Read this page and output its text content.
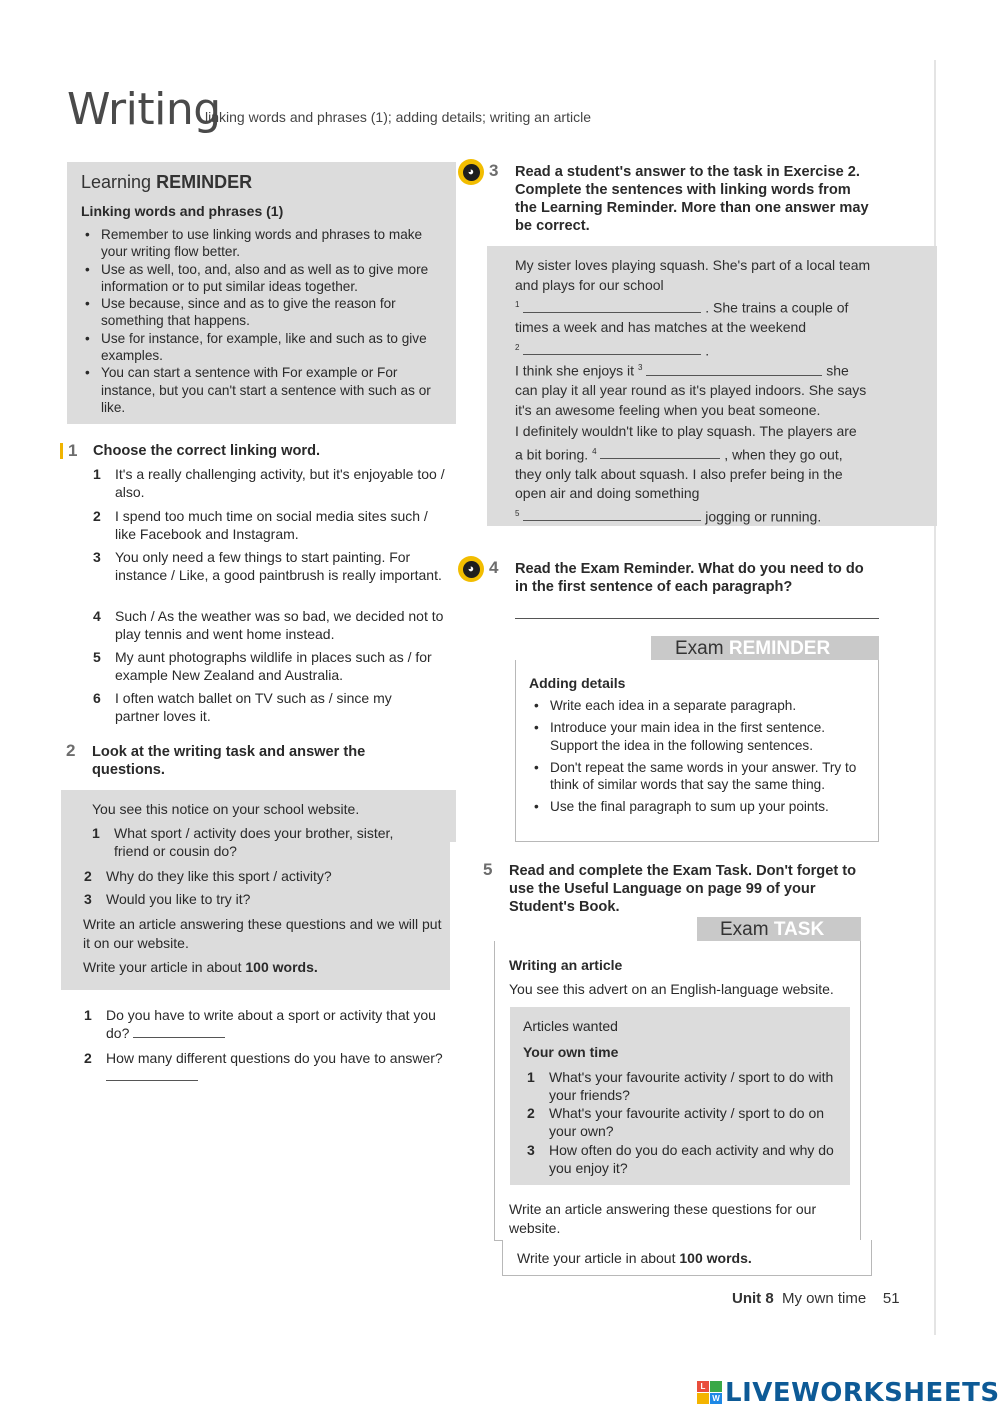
Writing
linking words and phrases (1); adding details; writing an article
Learning REMINDER
Linking words and phrases (1)
• Remember to use linking words and phrases to make your writing flow better.
• Use as well, too, and, also and as well as to give more information or to put similar ideas together.
• Use because, since and as to give the reason for something that happens.
• Use for instance, for example, like and such as to give examples.
• You can start a sentence with For example or For instance, but you can't start a sentence with such as or like.
1 Choose the correct linking word.
1 It's a really challenging activity, but it's enjoyable too / also.
2 I spend too much time on social media sites such / like Facebook and Instagram.
3 You only need a few things to start painting. For instance / Like, a good paintbrush is really important.
4 Such / As the weather was so bad, we decided not to play tennis and went home instead.
5 My aunt photographs wildlife in places such as / for example New Zealand and Australia.
6 I often watch ballet on TV such as / since my partner loves it.
2 Look at the writing task and answer the questions.
You see this notice on your school website.
1 What sport / activity does your brother, sister, friend or cousin do?
2 Why do they like this sport / activity?
3 Would you like to try it?
Write an article answering these questions and we will put it on our website.
Write your article in about 100 words.
1 Do you have to write about a sport or activity that you do?
2 How many different questions do you have to answer?
◕ 3 Read a student's answer to the task in Exercise 2. Complete the sentences with linking words from the Learning Reminder. More than one answer may be correct.
My sister loves playing squash. She's part of a local team and plays for our school
$^1$	. She trains a couple of times a week and has matches at the weekend
$^2$	.
I think she enjoys it $^3$	she can play it all year round as it's played indoors. She says it's an awesome feeling when you beat someone.
I definitely wouldn't like to play squash. The players are a bit boring. $^4$	, when they go out, they only talk about squash. I also prefer being in the open air and doing something
$^5$	jogging or running.
◕ 4 Read the Exam Reminder. What do you need to do in the first sentence of each paragraph?
Exam REMINDER
Adding details
• Write each idea in a separate paragraph.
• Introduce your main idea in the first sentence. Support the idea in the following sentences.
• Don't repeat the same words in your answer. Try to think of similar words that say the same thing.
• Use the final paragraph to sum up your points.
5 Read and complete the Exam Task. Don't forget to use the Useful Language on page 99 of your Student's Book.
Exam TASK
Writing an article
You see this advert on an English-language website.
Articles wanted
Your own time
1 What's your favourite activity / sport to do with your friends?
2 What's your favourite activity / sport to do on your own?
3 How often do you do each activity and why do you enjoy it?
Write an article answering these questions for our website.
Write your article in about 100 words.
Unit 8 My own time 51
L
W LIVEWORKSHEETS
